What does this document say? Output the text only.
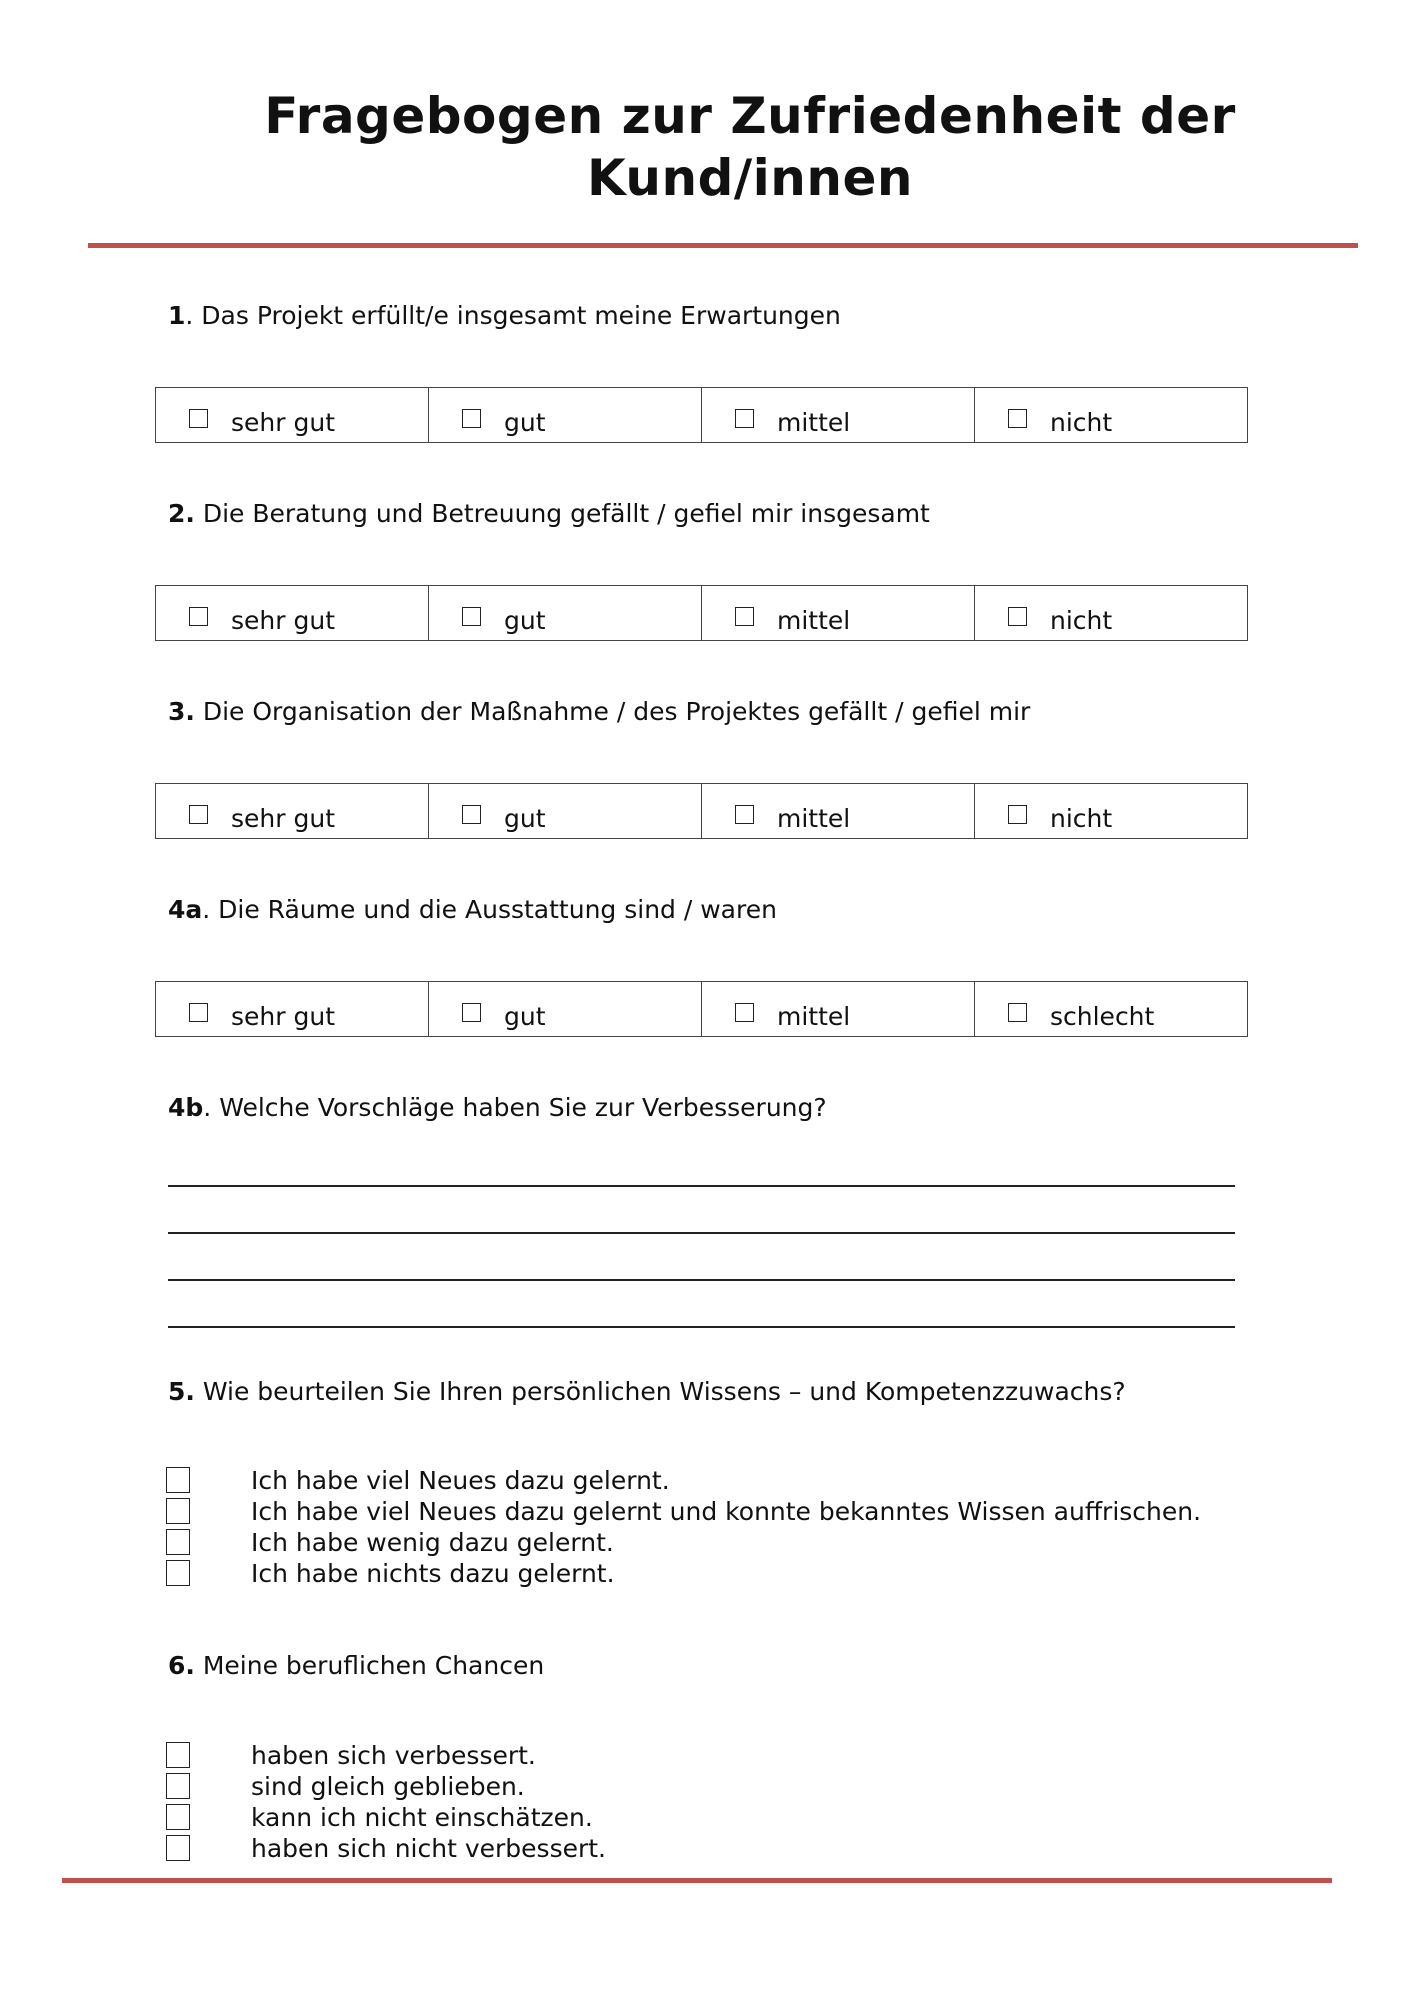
Fragebogen zur Zufriedenheit der
Kund/innen
1. Das Projekt erfüllt/e insgesamt meine Erwartungen
sehr gut	gut	mittel	nicht
2. Die Beratung und Betreuung gefällt / gefiel mir insgesamt
sehr gut	gut	mittel	nicht
3. Die Organisation der Maßnahme / des Projektes gefällt / gefiel mir
sehr gut	gut	mittel	nicht
4a. Die Räume und die Ausstattung sind / waren
sehr gut	gut	mittel	schlecht
4b. Welche Vorschläge haben Sie zur Verbesserung?
5. Wie beurteilen Sie Ihren persönlichen Wissens – und Kompetenzzuwachs?
Ich habe viel Neues dazu gelernt.
Ich habe viel Neues dazu gelernt und konnte bekanntes Wissen auffrischen.
Ich habe wenig dazu gelernt.
Ich habe nichts dazu gelernt.
6. Meine beruflichen Chancen
haben sich verbessert.
sind gleich geblieben.
kann ich nicht einschätzen.
haben sich nicht verbessert.
